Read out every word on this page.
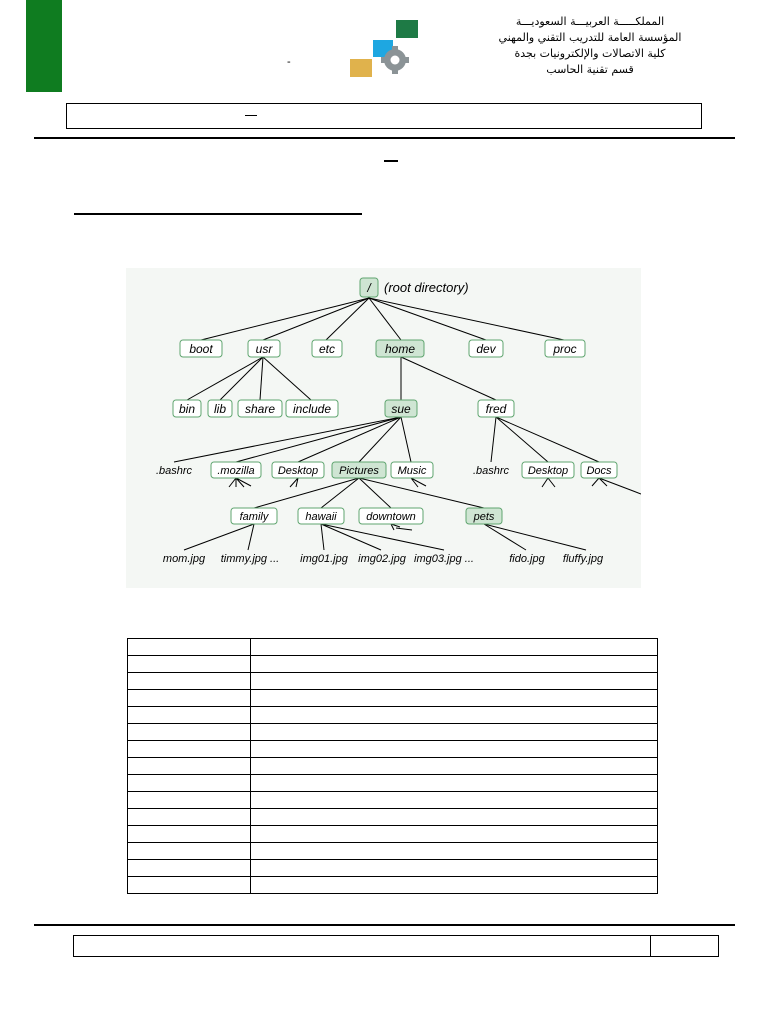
المملكـــــة العربيـــة السعوديـــة
المؤسسة العامة للتدريب التقني والمهني
كلية الاتصالات والإلكترونيات بجدة
قسم تقنية الحاسب
-
/ (root directory)
boot	usr	etc	home	dev	proc
bin lib share include	sue	fred
.bashrc .mozilla Desktop Pictures Music	.bashrc Desktop Docs
family	hawaii	downtown	pets
mom.jpg timmy.jpg ... img01.jpg img02.jpg img03.jpg ...	fido.jpg fluffy.jpg
